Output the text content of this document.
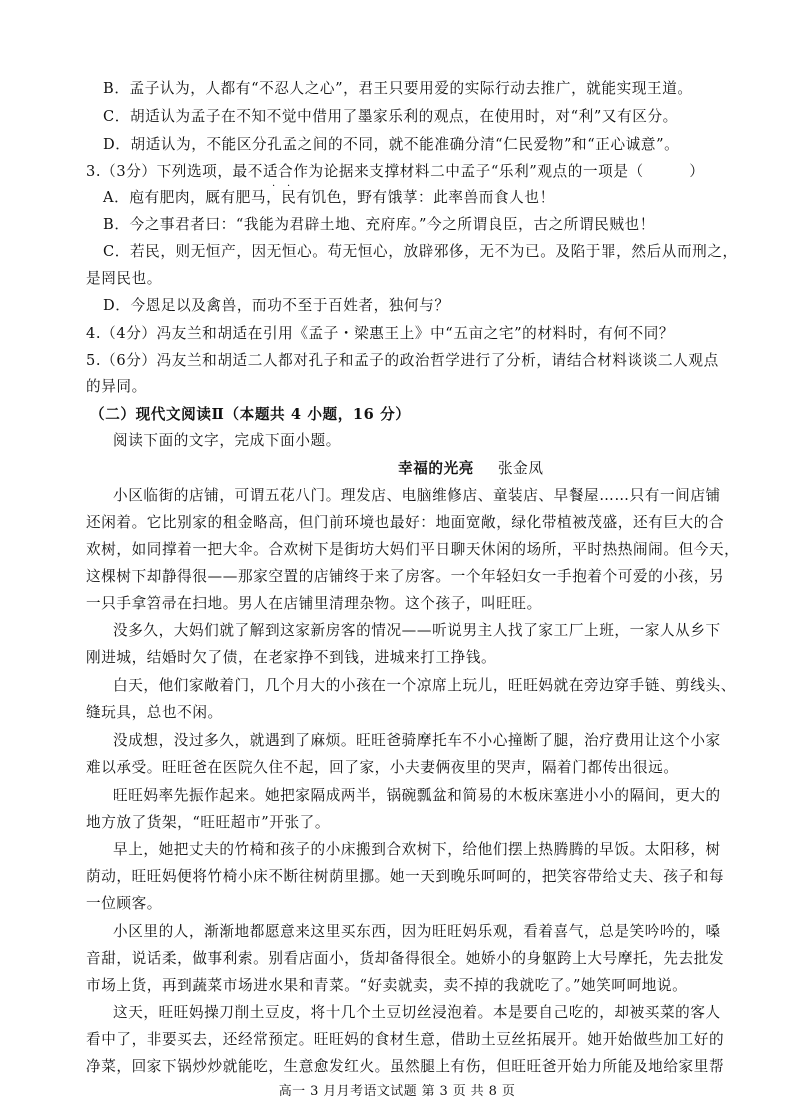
B．孟子认为，人都有“不忍人之心”，君王只要用爱的实际行动去推广，就能实现王道。
C．胡适认为孟子在不知不觉中借用了墨家乐利的观点，在使用时，对“利”又有区分。
D．胡适认为，不能区分孔孟之间的不同，就不能准确分清“仁民爱物”和“正心诚意”。
3.（3分）下列选项，最不适合作为论据来支撑材料二中孟子“乐利”观点的一项是（　　　）
· ·
A．庖有肥肉，厩有肥马，民有饥色，野有饿莩：此率兽而食人也！
B．今之事君者曰：“我能为君辟土地、充府库。”今之所谓良臣，古之所谓民贼也！
C．若民，则无恒产，因无恒心。苟无恒心，放辟邪侈，无不为已。及陷于罪，然后从而刑之，
是罔民也。
D．今恩足以及禽兽，而功不至于百姓者，独何与？
4.（4分）冯友兰和胡适在引用《孟子・梁惠王上》中“五亩之宅”的材料时，有何不同？
5.（6分）冯友兰和胡适二人都对孔子和孟子的政治哲学进行了分析，请结合材料谈谈二人观点
的异同。
（二）现代文阅读Ⅱ（本题共 4 小题，16 分）
阅读下面的文字，完成下面小题。
幸福的光亮 张金凤
小区临街的店铺，可谓五花八门。理发店、电脑维修店、童装店、早餐屋……只有一间店铺
还闲着。它比别家的租金略高，但门前环境也最好：地面宽敞，绿化带植被茂盛，还有巨大的合
欢树，如同撑着一把大伞。合欢树下是街坊大妈们平日聊天休闲的场所，平时热热闹闹。但今天，
这棵树下却静得很——那家空置的店铺终于来了房客。一个年轻妇女一手抱着个可爱的小孩，另
一只手拿笤帚在扫地。男人在店铺里清理杂物。这个孩子，叫旺旺。
没多久，大妈们就了解到这家新房客的情况——听说男主人找了家工厂上班，一家人从乡下
刚进城，结婚时欠了债，在老家挣不到钱，进城来打工挣钱。
白天，他们家敞着门，几个月大的小孩在一个凉席上玩儿，旺旺妈就在旁边穿手链、剪线头、
缝玩具，总也不闲。
没成想，没过多久，就遇到了麻烦。旺旺爸骑摩托车不小心撞断了腿，治疗费用让这个小家
难以承受。旺旺爸在医院久住不起，回了家，小夫妻俩夜里的哭声，隔着门都传出很远。
旺旺妈率先振作起来。她把家隔成两半，锅碗瓢盆和简易的木板床塞进小小的隔间，更大的
地方放了货架，“旺旺超市”开张了。
早上，她把丈夫的竹椅和孩子的小床搬到合欢树下，给他们摆上热腾腾的早饭。太阳移，树
荫动，旺旺妈便将竹椅小床不断往树荫里挪。她一天到晚乐呵呵的，把笑容带给丈夫、孩子和每
一位顾客。
小区里的人，渐渐地都愿意来这里买东西，因为旺旺妈乐观，看着喜气，总是笑吟吟的，嗓
音甜，说话柔，做事利索。别看店面小，货却备得很全。她娇小的身躯跨上大号摩托，先去批发
市场上货，再到蔬菜市场进水果和青菜。“好卖就卖，卖不掉的我就吃了。”她笑呵呵地说。
这天，旺旺妈操刀削土豆皮，将十几个土豆切丝浸泡着。本是要自己吃的，却被买菜的客人
看中了，非要买去，还经常预定。旺旺妈的食材生意，借助土豆丝拓展开。她开始做些加工好的
净菜，回家下锅炒炒就能吃，生意愈发红火。虽然腿上有伤，但旺旺爸开始力所能及地给家里帮
高一 3 月月考语文试题 第 3 页 共 8 页
